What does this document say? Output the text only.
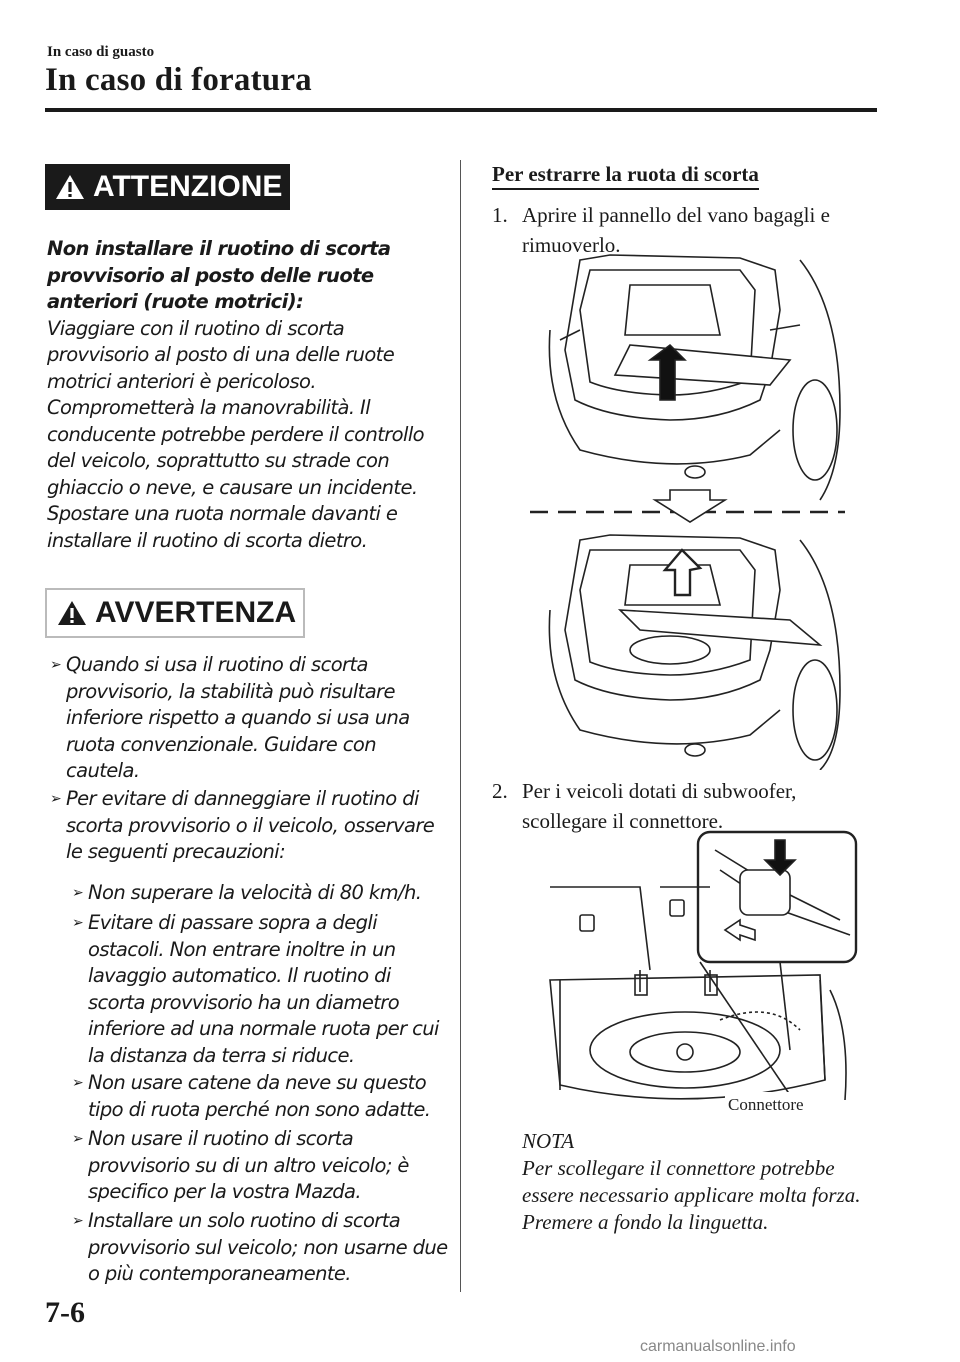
In caso di guasto
In caso di foratura
ATTENZIONE
Non installare il ruotino di scorta provvisorio al posto delle ruote anteriori (ruote motrici):
Viaggiare con il ruotino di scorta provvisorio al posto di una delle ruote motrici anteriori è pericoloso. Comprometterà la manovrabilità. Il conducente potrebbe perdere il controllo del veicolo, soprattutto su strade con ghiaccio o neve, e causare un incidente. Spostare una ruota normale davanti e installare il ruotino di scorta dietro.
AVVERTENZA
➢ Quando si usa il ruotino di scorta provvisorio, la stabilità può risultare inferiore rispetto a quando si usa una ruota convenzionale. Guidare con cautela.
➢ Per evitare di danneggiare il ruotino di scorta provvisorio o il veicolo, osservare le seguenti precauzioni:
➢ Non superare la velocità di 80 km/h.
➢ Evitare di passare sopra a degli ostacoli. Non entrare inoltre in un lavaggio automatico. Il ruotino di scorta provvisorio ha un diametro inferiore ad una normale ruota per cui la distanza da terra si riduce.
➢ Non usare catene da neve su questo tipo di ruota perché non sono adatte.
➢ Non usare il ruotino di scorta provvisorio su di un altro veicolo; è specifico per la vostra Mazda.
➢ Installare un solo ruotino di scorta provvisorio sul veicolo; non usarne due o più contemporaneamente.
Per estrarre la ruota di scorta
1. Aprire il pannello del vano bagagli e rimuoverlo.
2. Per i veicoli dotati di subwoofer, scollegare il connettore.
Connettore
NOTA
Per scollegare il connettore potrebbe essere necessario applicare molta forza. Premere a fondo la linguetta.
7-6
carmanualsonline.info
